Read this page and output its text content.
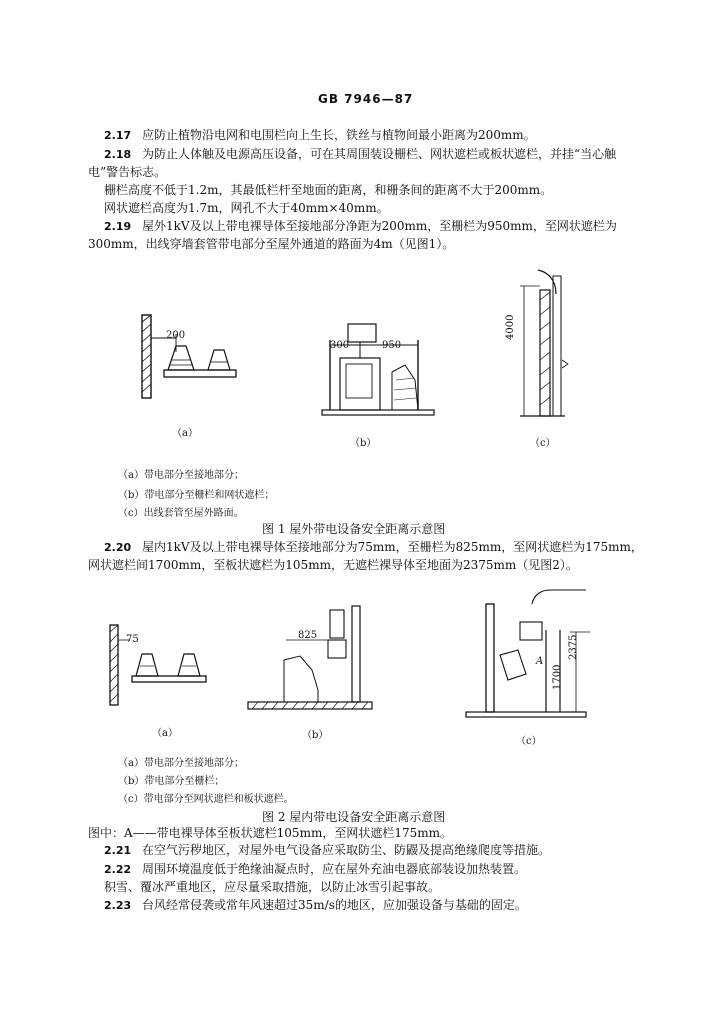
GB 7946—87
2.17 应防止植物沿电网和电围栏向上生长，铁丝与植物间最小距离为200mm。
2.18 为防止人体触及电源高压设备，可在其周围装设栅栏、网状遮栏或板状遮栏，并挂“当心触
电”警告标志。
栅栏高度不低于1.2m，其最低栏杆至地面的距离，和栅条间的距离不大于200mm。
网状遮栏高度为1.7m，网孔不大于40mm×40mm。
2.19 屋外1kV及以上带电裸导体至接地部分净距为200mm，至栅栏为950mm，至网状遮栏为
300mm，出线穿墙套管带电部分至屋外通道的路面为4m（见图1）。
200
300	950
4000
（a）
（b）	（c）
（a）带电部分至接地部分；
（b）带电部分至栅栏和网状遮栏；
（c）出线套管至屋外路面。
图 1 屋外带电设备安全距离示意图
2.20 屋内1kV及以上带电裸导体至接地部分为75mm，至栅栏为825mm，至网状遮栏为175mm，
网状遮栏间1700mm，至板状遮栏为105mm，无遮栏裸导体至地面为2375mm（见图2）。
75	825
A
1700
2375
（a）	（b）
（c）
（a）带电部分至接地部分；
（b）带电部分至栅栏；
（c）带电部分至网状遮栏和板状遮栏。
图 2 屋内带电设备安全距离示意图
图中：A——带电裸导体至板状遮栏105mm，至网状遮栏175mm。
2.21 在空气污秽地区，对屋外电气设备应采取防尘、防鼹及提高绝缘爬度等措施。
2.22 周围环境温度低于绝缘油凝点时，应在屋外充油电器底部装设加热装置。
积雪、覆冰严重地区，应尽量采取措施，以防止冰雪引起事故。
2.23 台风经常侵袭或常年风速超过35m/s的地区，应加强设备与基础的固定。
